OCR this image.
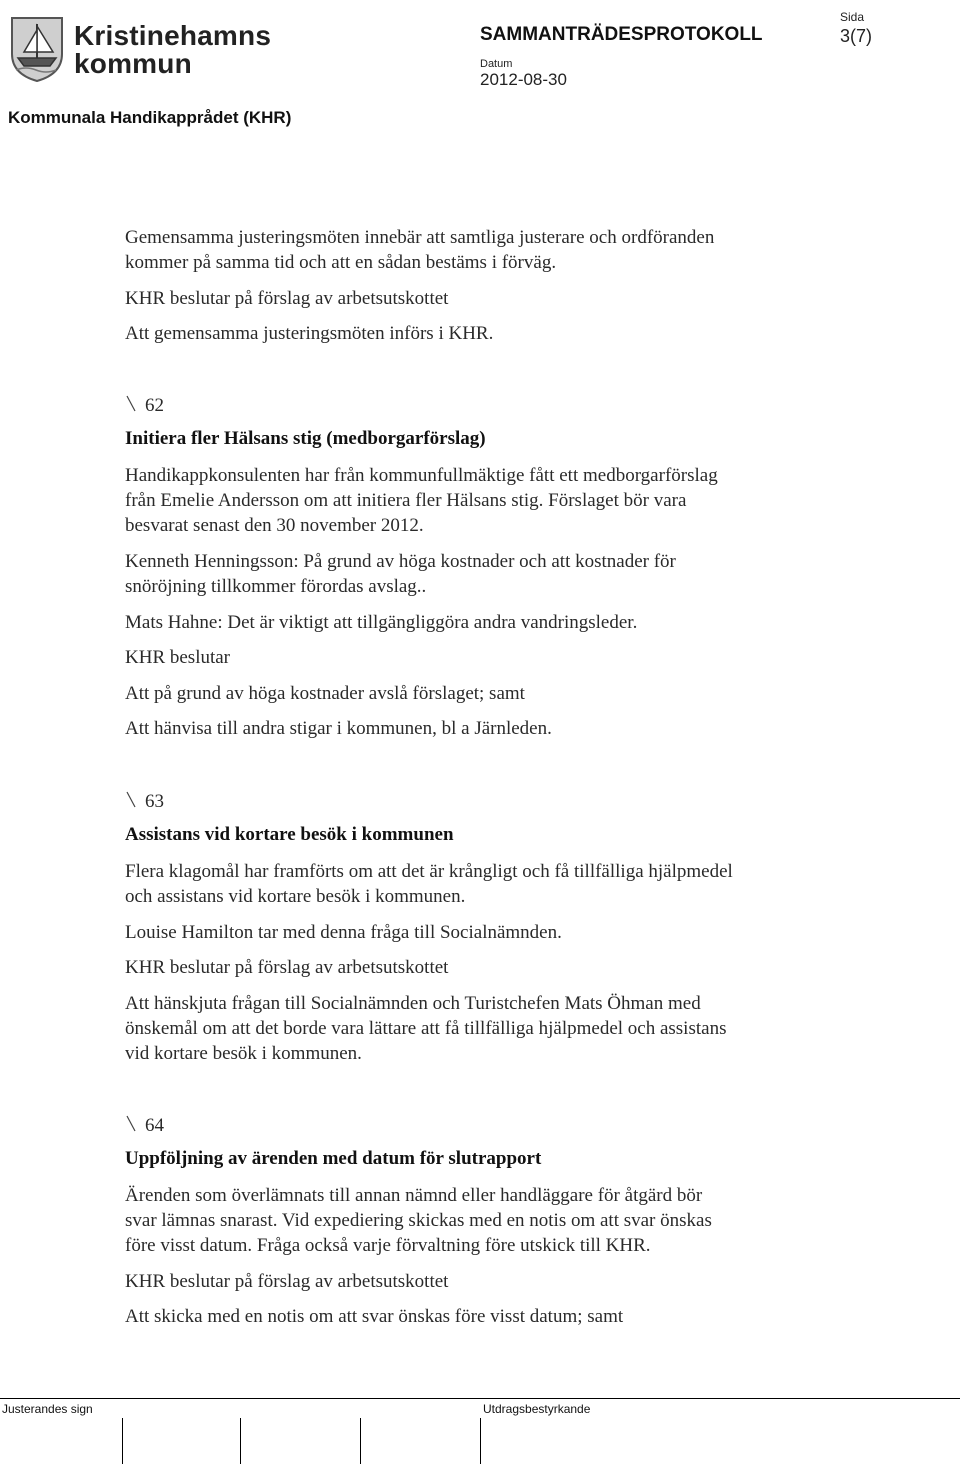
Kristinehamns
kommun
SAMMANTRÄDESPROTOKOLL
Sida
3(7)
Datum
2012-08-30
Kommunala Handikapprådet (KHR)
Gemensamma justeringsmöten innebär att samtliga justerare och ordföranden
kommer på samma tid och att en sådan bestäms i förväg.
KHR beslutar på förslag av arbetsutskottet
Att gemensamma justeringsmöten införs i KHR.
62
Initiera fler Hälsans stig (medborgarförslag)
Handikappkonsulenten har från kommunfullmäktige fått ett medborgarförslag
från Emelie Andersson om att initiera fler Hälsans stig. Förslaget bör vara
besvarat senast den 30 november 2012.
Kenneth Henningsson: På grund av höga kostnader och att kostnader för
snöröjning tillkommer förordas avslag..
Mats Hahne: Det är viktigt att tillgängliggöra andra vandringsleder.
KHR beslutar
Att på grund av höga kostnader avslå förslaget; samt
Att hänvisa till andra stigar i kommunen, bl a Järnleden.
63
Assistans vid kortare besök i kommunen
Flera klagomål har framförts om att det är krångligt och få tillfälliga hjälpmedel
och assistans vid kortare besök i kommunen.
Louise Hamilton tar med denna fråga till Socialnämnden.
KHR beslutar på förslag av arbetsutskottet
Att hänskjuta frågan till Socialnämnden och Turistchefen Mats Öhman med
önskemål om att det borde vara lättare att få tillfälliga hjälpmedel och assistans
vid kortare besök i kommunen.
64
Uppföljning av ärenden med datum för slutrapport
Ärenden som överlämnats till annan nämnd eller handläggare för åtgärd bör
svar lämnas snarast. Vid expediering skickas med en notis om att svar önskas
före visst datum. Fråga också varje förvaltning före utskick till KHR.
KHR beslutar på förslag av arbetsutskottet
Att skicka med en notis om att svar önskas före visst datum; samt
Justerandes sign	Utdragsbestyrkande
